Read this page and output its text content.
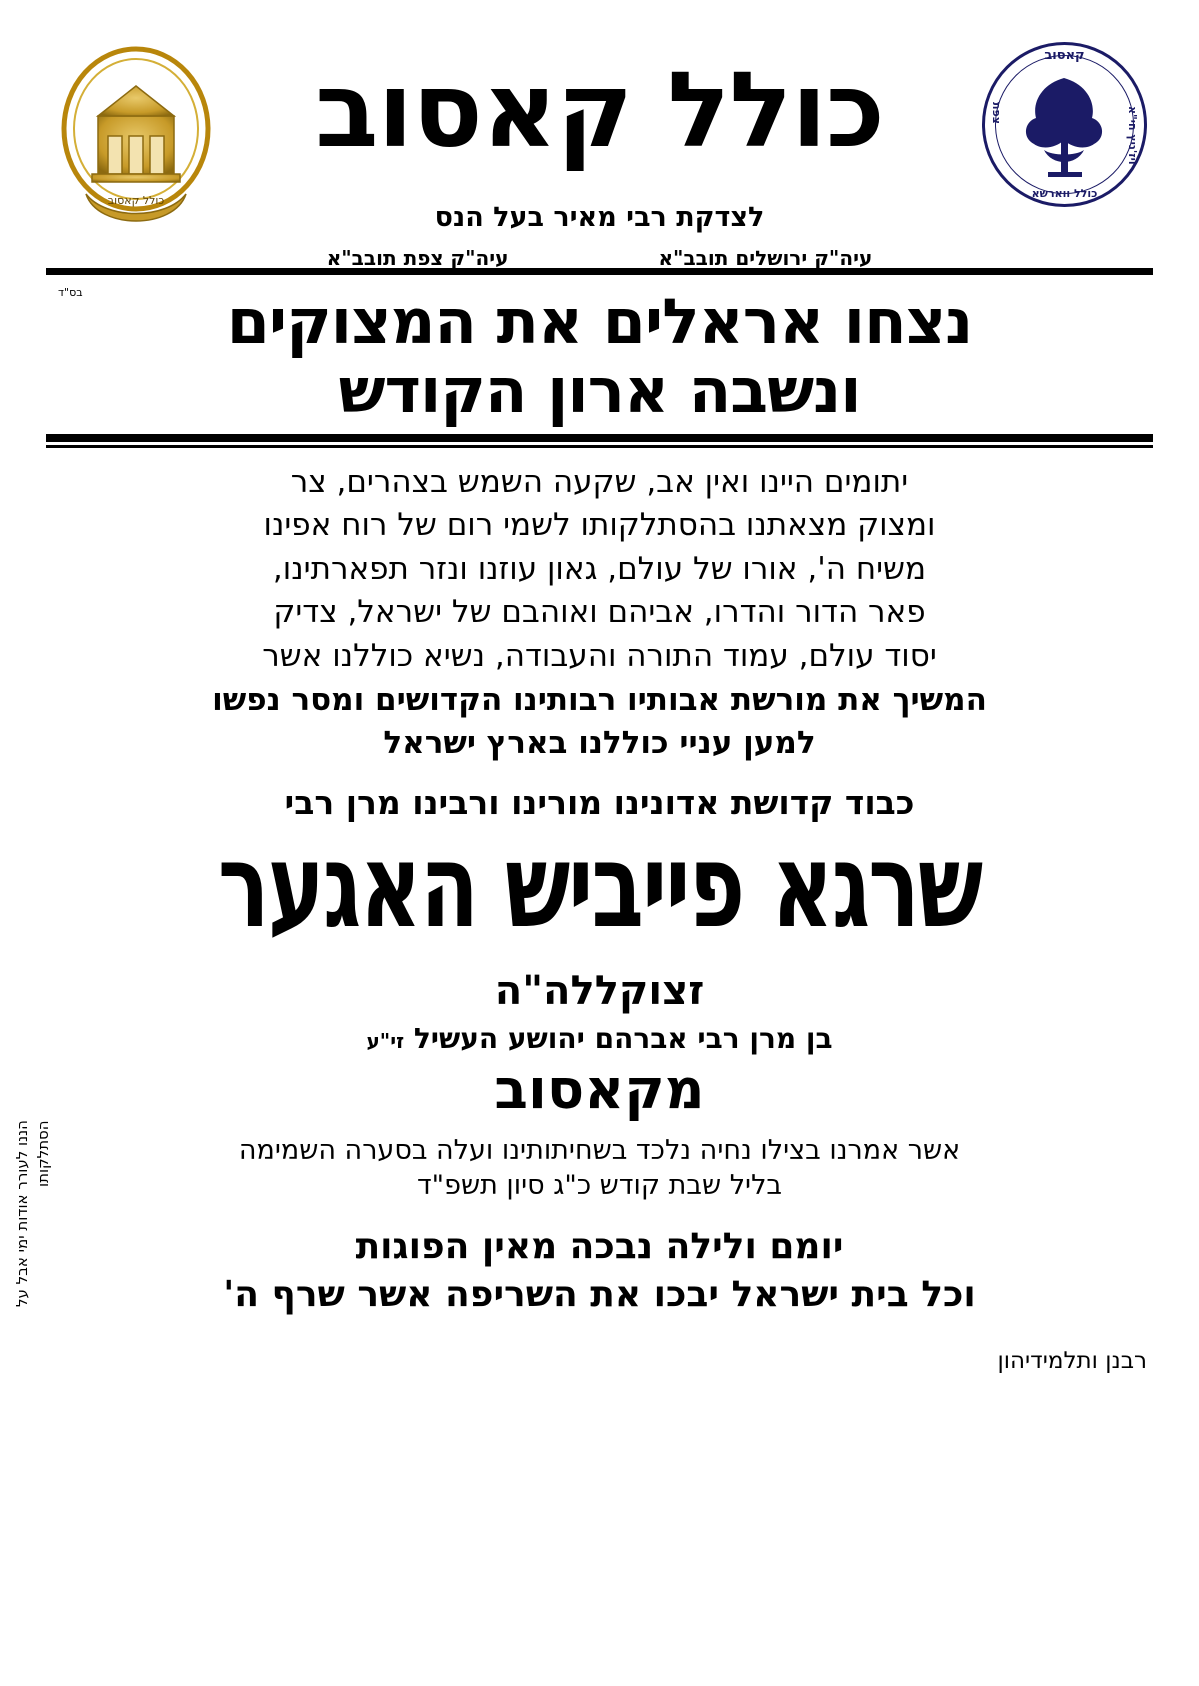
קאסוב
ויז'ניץ חי"א
צפת
כולל ווארשא
כולל קאסוב
כולל קאסוב
לצדקת רבי מאיר בעל הנס
עיה"ק ירושלים תובב"א
עיה"ק צפת תובב"א
בס"ד	נצחו אראלים את המצוקים
ונשבה ארון הקודש

יתומים היינו ואין אב, שקעה השמש בצהרים, צר

ומצוק מצאתנו בהסתלקותו לשמי רום של רוח אפינו

משיח ה', אורו של עולם, גאון עוזנו ונזר תפארתינו,

פאר הדור והדרו, אביהם ואוהבם של ישראל, צדיק

יסוד עולם, עמוד התורה והעבודה, נשיא כוללנו אשר

המשיך את מורשת אבותיו רבותינו הקדושים ומסר נפשו

למען עניי כוללנו בארץ ישראל

כבוד קדושת אדונינו מורינו ורבינו מרן רבי
שרגא פייביש האגער
זצוקללה"ה
בן מרן רבי אברהם יהושע העשיל זי"ע
מקאסוב
אשר אמרנו בצילו נחיה נלכד בשחיתותינו ועלה בסערה השמימה
בליל שבת קודש כ"ג סיון תשפ"ד
יומם ולילה נבכה מאין הפוגות
וכל בית ישראל יבכו את השריפה אשר שרף ה'
רבנן ותלמידיהון
הננו לעורר אודות ימי אבל על הסתלקותו
